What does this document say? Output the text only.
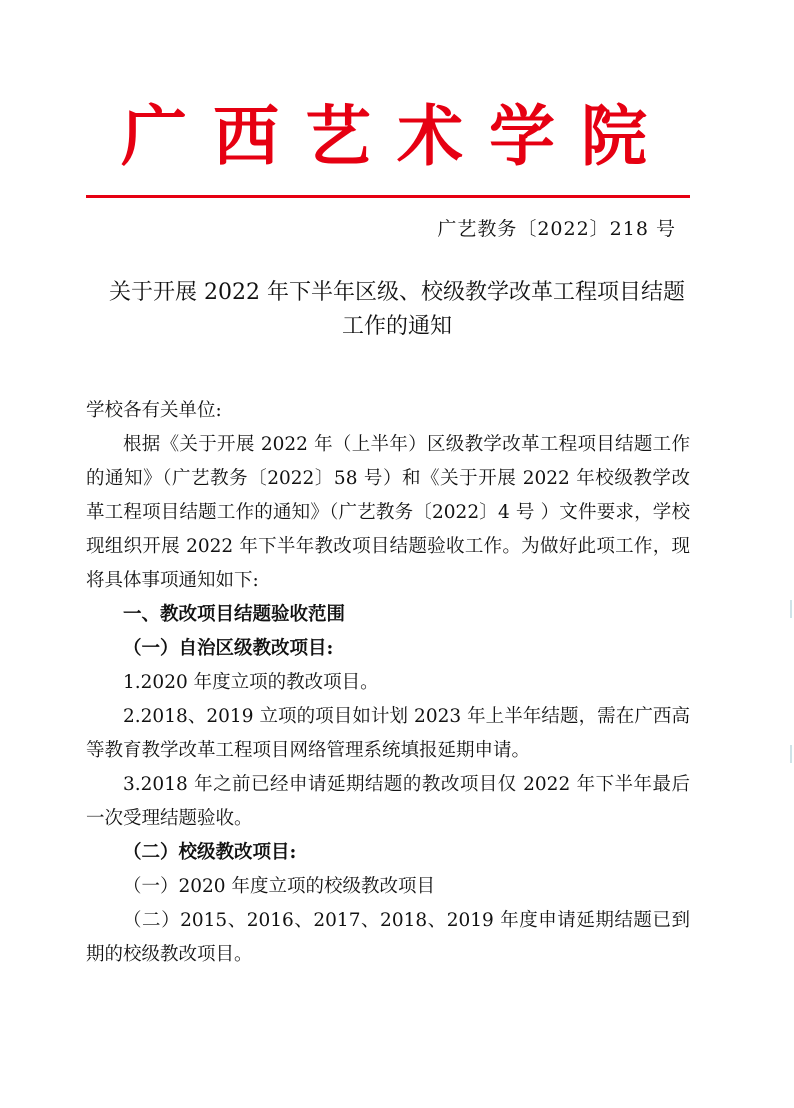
广西艺术学院
广艺教务〔2022〕218 号
关于开展 2022 年下半年区级、校级教学改革工程项目结题
工作的通知

学校各有关单位:

根据《关于开展 2022 年（上半年）区级教学改革工程项目结题工作的通知》（广艺教务〔2022〕58 号）和《关于开展 2022 年校级教学改革工程项目结题工作的通知》（广艺教务〔2022〕4 号 ）文件要求，学校现组织开展 2022 年下半年教改项目结题验收工作。为做好此项工作，现将具体事项通知如下:

一、教改项目结题验收范围

（一）自治区级教改项目:

1.2020 年度立项的教改项目。

2.2018、2019 立项的项目如计划 2023 年上半年结题，需在广西高等教育教学改革工程项目网络管理系统填报延期申请。

3.2018 年之前已经申请延期结题的教改项目仅 2022 年下半年最后一次受理结题验收。

（二）校级教改项目:

（一）2020 年度立项的校级教改项目

（二）2015、2016、2017、2018、2019 年度申请延期结题已到期的校级教改项目。
